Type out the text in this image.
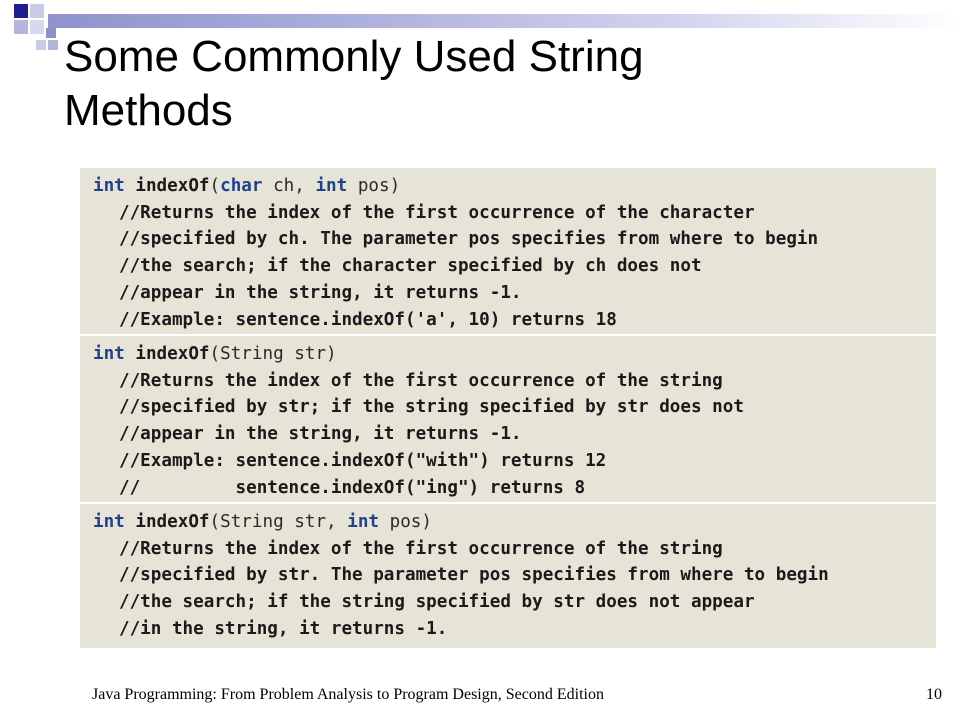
Some Commonly Used String
Methods
int indexOf(char ch, int pos)
//Returns the index of the first occurrence of the character
//specified by ch. The parameter pos specifies from where to begin
//the search; if the character specified by ch does not
//appear in the string, it returns -1.
//Example: sentence.indexOf('a', 10) returns 18
int indexOf(String str)
//Returns the index of the first occurrence of the string
//specified by str; if the string specified by str does not
//appear in the string, it returns -1.
//Example: sentence.indexOf("with") returns 12
//         sentence.indexOf("ing") returns 8
int indexOf(String str, int pos)
//Returns the index of the first occurrence of the string
//specified by str. The parameter pos specifies from where to begin
//the search; if the string specified by str does not appear
//in the string, it returns -1.
Java Programming: From Problem Analysis to Program Design, Second Edition	10
